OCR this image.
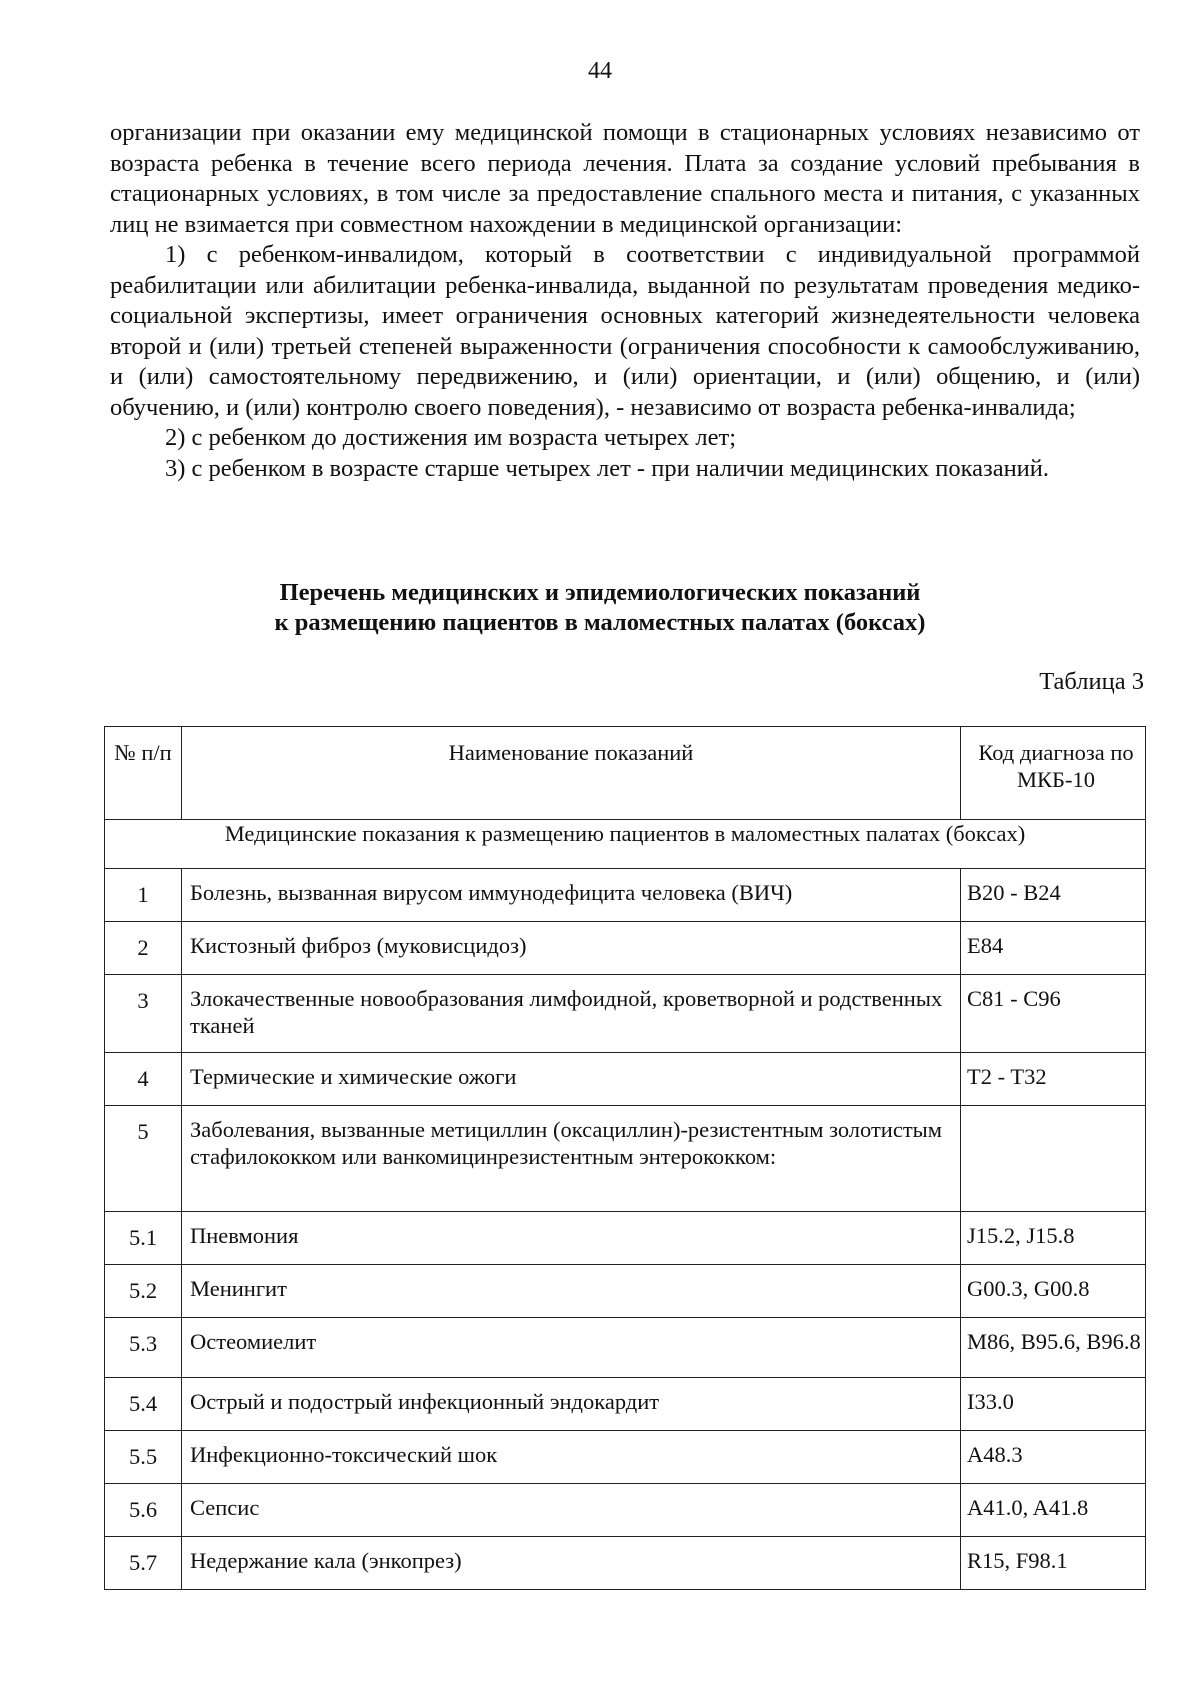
44

организации при оказании ему медицинской помощи в стационарных условиях независимо от возраста ребенка в течение всего периода лечения. Плата за создание условий пребывания в стационарных условиях, в том числе за предоставление спального места и питания, с указанных лиц не взимается при совместном нахождении в медицинской организации:

1) с ребенком-инвалидом, который в соответствии с индивидуальной программой реабилитации или абилитации ребенка-инвалида, выданной по результатам проведения медико-социальной экспертизы, имеет ограничения основных категорий жизнедеятельности человека второй и (или) третьей степеней выраженности (ограничения способности к самообслуживанию, и (или) самостоятельному передвижению, и (или) ориентации, и (или) общению, и (или) обучению, и (или) контролю своего поведения), - независимо от возраста ребенка-инвалида;

2) с ребенком до достижения им возраста четырех лет;

3) с ребенком в возрасте старше четырех лет - при наличии медицинских показаний.

Перечень медицинских и эпидемиологических показаний
к размещению пациентов в маломестных палатах (боксах)
Таблица 3
№ п/п	Наименование показаний	Код диагноза по МКБ-10
Медицинские показания к размещению пациентов в маломестных палатах (боксах)		
1	Болезнь, вызванная вирусом иммунодефицита человека (ВИЧ)	B20 - B24
2	Кистозный фиброз (муковисцидоз)	E84
3	Злокачественные новообразования лимфоидной, кроветворной и родственных тканей	C81 - C96
4	Термические и химические ожоги	T2 - T32
5	Заболевания, вызванные метициллин (оксациллин)-резистентным золотистым стафилококком или ванкомицинрезистентным энтерококком:	
5.1	Пневмония	J15.2, J15.8
5.2	Менингит	G00.3, G00.8
5.3	Остеомиелит	M86, B95.6, B96.8
5.4	Острый и подострый инфекционный эндокардит	I33.0
5.5	Инфекционно-токсический шок	A48.3
5.6	Сепсис	A41.0, A41.8
5.7	Недержание кала (энкопрез)	R15, F98.1
